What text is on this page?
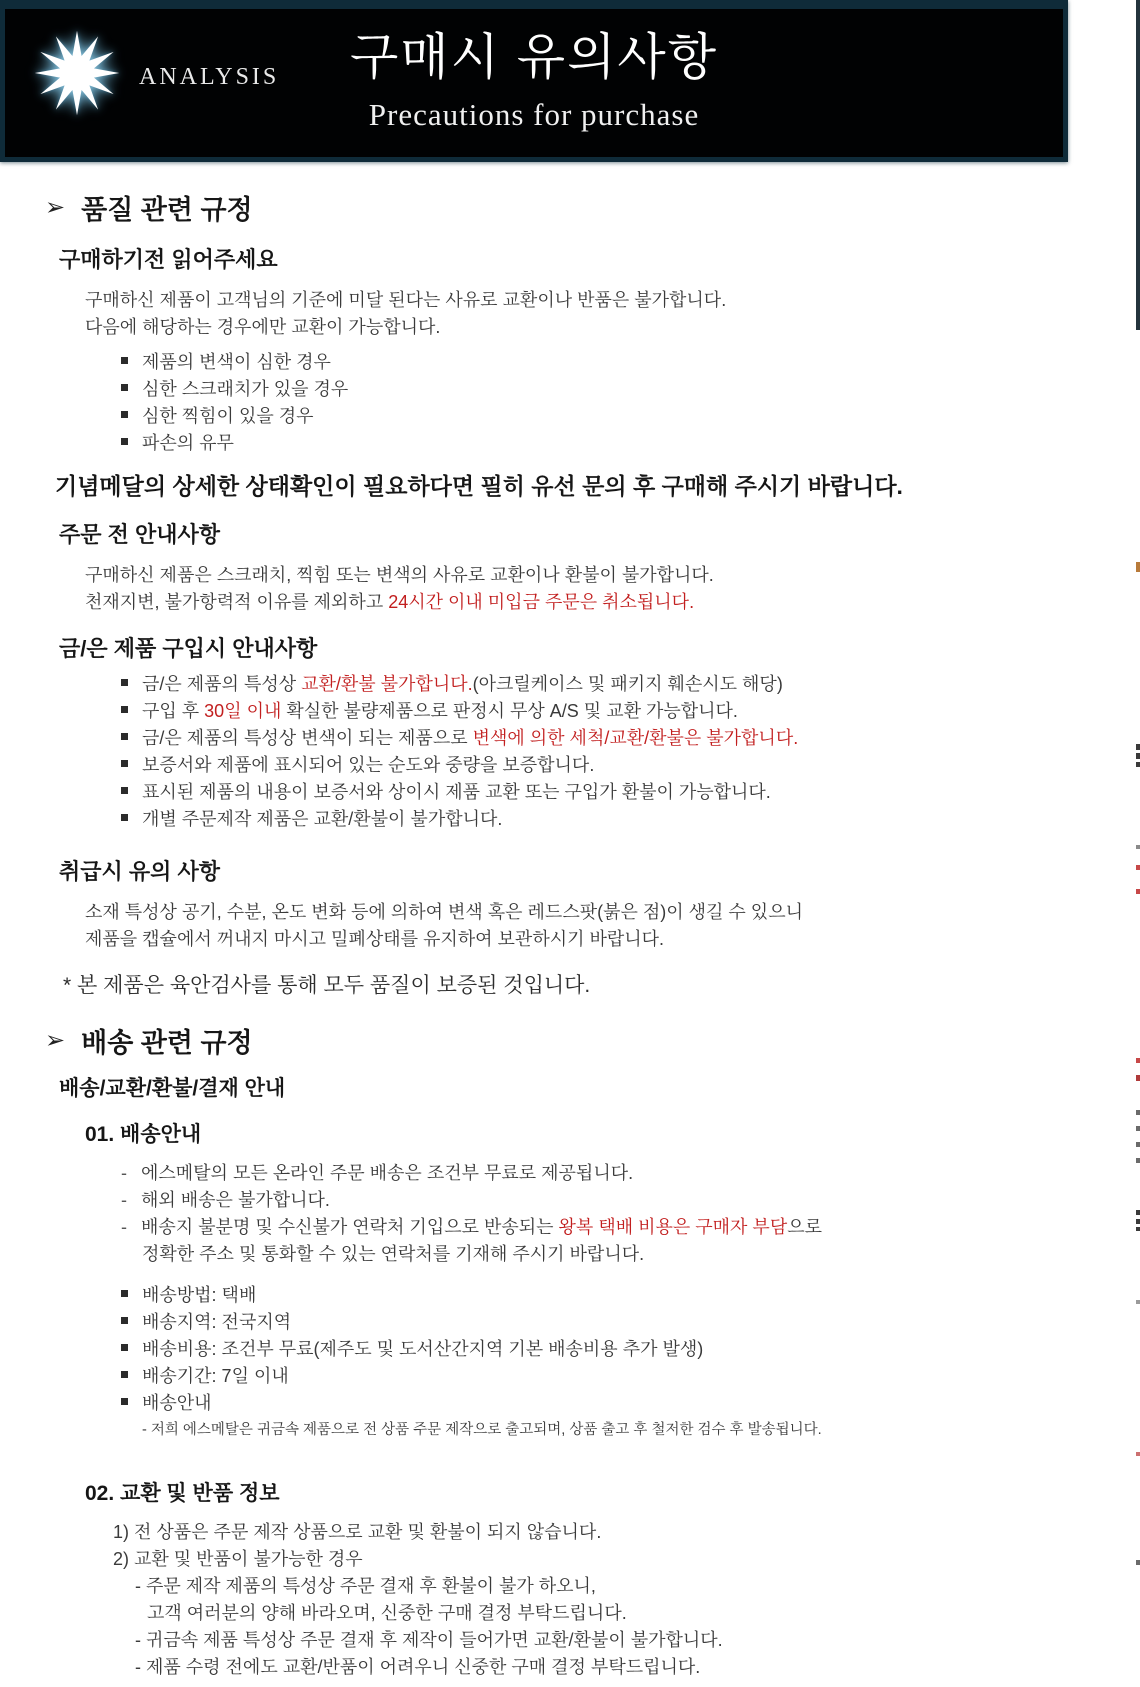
ANALYSIS	구매시 유의사항
Precautions for purchase
➢ 품질 관련 규정
구매하기전 읽어주세요

구매하신 제품이 고객님의 기준에 미달 된다는 사유로 교환이나 반품은 불가합니다.
다음에 해당하는 경우에만 교환이 가능합니다.

제품의 변색이 심한 경우
심한 스크래치가 있을 경우
심한 찍힘이 있을 경우
파손의 유무

기념메달의 상세한 상태확인이 필요하다면 필히 유선 문의 후 구매해 주시기 바랍니다.

주문 전 안내사항

구매하신 제품은 스크래치, 찍힘 또는 변색의 사유로 교환이나 환불이 불가합니다.
천재지변, 불가항력적 이유를 제외하고 24시간 이내 미입금 주문은 취소됩니다.

금/은 제품 구입시 안내사항
금/은 제품의 특성상 교환/환불 불가합니다.(아크릴케이스 및 패키지 훼손시도 해당)
구입 후 30일 이내 확실한 불량제품으로 판정시 무상 A/S 및 교환 가능합니다.
금/은 제품의 특성상 변색이 되는 제품으로 변색에 의한 세척/교환/환불은 불가합니다.
보증서와 제품에 표시되어 있는 순도와 중량을 보증합니다.
표시된 제품의 내용이 보증서와 상이시 제품 교환 또는 구입가 환불이 가능합니다.
개별 주문제작 제품은 교환/환불이 불가합니다.
취급시 유의 사항

소재 특성상 공기, 수분, 온도 변화 등에 의하여 변색 혹은 레드스팟(붉은 점)이 생길 수 있으니
제품을 캡슐에서 꺼내지 마시고 밀폐상태를 유지하여 보관하시기 바랍니다.

* 본 제품은 육안검사를 통해 모두 품질이 보증된 것입니다.

➢ 배송 관련 규정
배송/교환/환불/결재 안내
01. 배송안내
- 에스메탈의 모든 온라인 주문 배송은 조건부 무료로 제공됩니다.
- 해외 배송은 불가합니다.
- 배송지 불분명 및 수신불가 연락처 기입으로 반송되는 왕복 택배 비용은 구매자 부담으로
정확한 주소 및 통화할 수 있는 연락처를 기재해 주시기 바랍니다.
배송방법: 택배
배송지역: 전국지역
배송비용: 조건부 무료(제주도 및 도서산간지역 기본 배송비용 추가 발생)
배송기간: 7일 이내
배송안내

- 저희 에스메탈은 귀금속 제품으로 전 상품 주문 제작으로 출고되며, 상품 출고 후 철저한 검수 후 발송됩니다.

02. 교환 및 반품 정보
1) 전 상품은 주문 제작 상품으로 교환 및 환불이 되지 않습니다.
2) 교환 및 반품이 불가능한 경우
- 주문 제작 제품의 특성상 주문 결재 후 환불이 불가 하오니,
고객 여러분의 양해 바라오며, 신중한 구매 결정 부탁드립니다.
- 귀금속 제품 특성상 주문 결재 후 제작이 들어가면 교환/환불이 불가합니다.
- 제품 수령 전에도 교환/반품이 어려우니 신중한 구매 결정 부탁드립니다.
